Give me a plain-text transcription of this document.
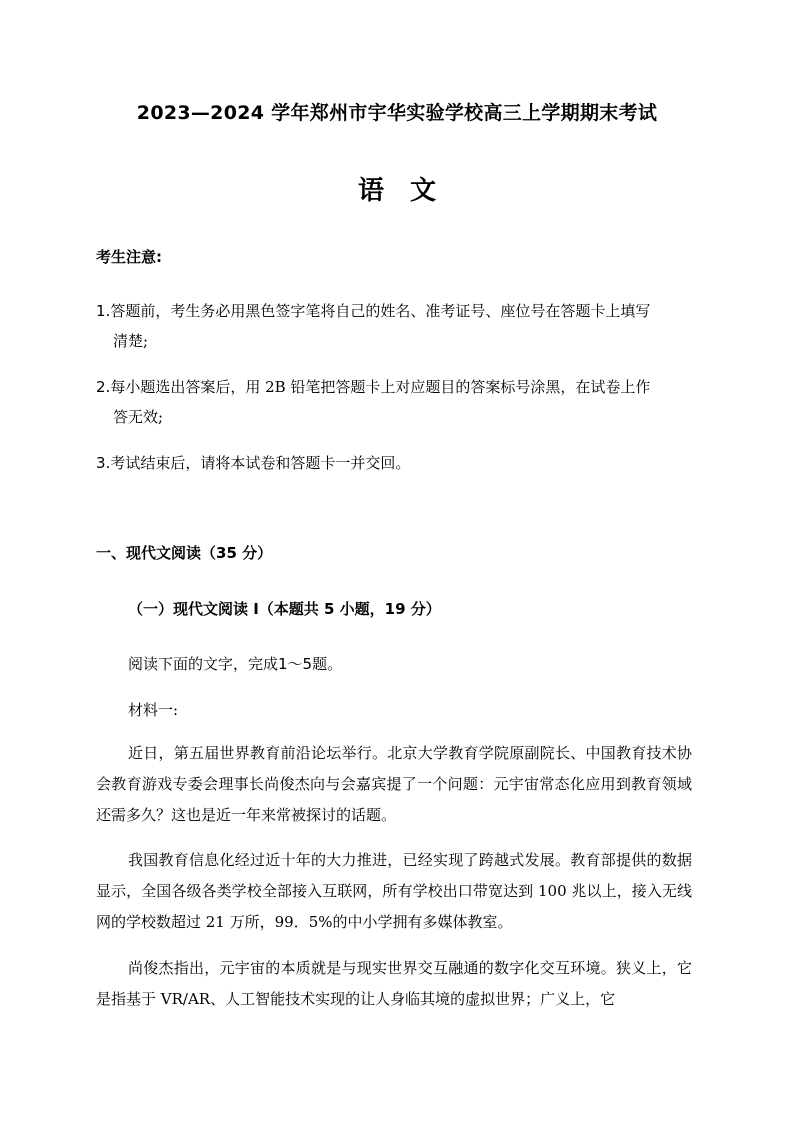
2023—2024 学年郑州市宇华实验学校高三上学期期末考试
语文
考生注意:
1.答题前，考生务必用黑色签字笔将自己的姓名、准考证号、座位号在答题卡上填写
清楚;
2.每小题选出答案后，用 2B 铅笔把答题卡上对应题目的答案标号涂黑，在试卷上作
答无效;
3.考试结束后，请将本试卷和答题卡一并交回。
一、现代文阅读（35 分）
（一）现代文阅读 I（本题共 5 小题，19 分）
阅读下面的文字，完成1～5题。
材料一:
近日，第五届世界教育前沿论坛举行。北京大学教育学院原副院长、中国教育技术协会教育游戏专委会理事长尚俊杰向与会嘉宾提了一个问题：元宇宙常态化应用到教育领域还需多久？这也是近一年来常被探讨的话题。
我国教育信息化经过近十年的大力推进，已经实现了跨越式发展。教育部提供的数据显示，全国各级各类学校全部接入互联网，所有学校出口带宽达到 100 兆以上，接入无线网的学校数超过 21 万所，99．5%的中小学拥有多媒体教室。
尚俊杰指出，元宇宙的本质就是与现实世界交互融通的数字化交互环境。狭义上，它是指基于 VR/AR、人工智能技术实现的让人身临其境的虚拟世界；广义上，它
